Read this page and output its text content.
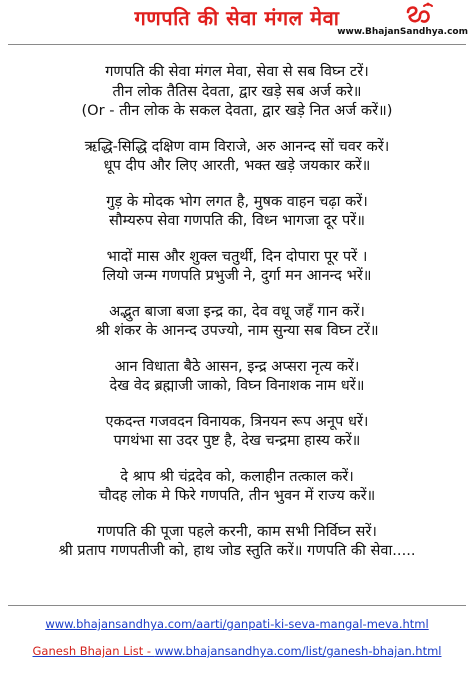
गणपति की सेवा मंगल मेवा
www.BhajanSandhya.com
गणपति की सेवा मंगल मेवा, सेवा से सब विघ्न टरें।
तीन लोक तैतिस देवता, द्वार खड़े सब अर्ज करे॥
(Or - तीन लोक के सकल देवता, द्वार खड़े नित अर्ज करें॥)
ऋद्धि-सिद्धि दक्षिण वाम विराजे, अरु आनन्द सों चवर करें।
धूप दीप और लिए आरती, भक्त खड़े जयकार करें॥
गुड़ के मोदक भोग लगत है, मुषक वाहन चढ़ा करें।
सौम्यरुप सेवा गणपति की, विध्न भागजा दूर परें॥
भादों मास और शुक्ल चतुर्थी, दिन दोपारा पूर परें ।
लियो जन्म गणपति प्रभुजी ने, दुर्गा मन आनन्द भरें॥
अद्भुत बाजा बजा इन्द्र का, देव वधू जहँ गान करें।
श्री शंकर के आनन्द उपज्यो, नाम सुन्या सब विघ्न टरें॥
आन विधाता बैठे आसन, इन्द्र अप्सरा नृत्य करें।
देख वेद ब्रह्माजी जाको, विघ्न विनाशक नाम धरें॥
एकदन्त गजवदन विनायक, त्रिनयन रूप अनूप धरें।
पगथंभा सा उदर पुष्ट है, देख चन्द्रमा हास्य करें॥
दे श्राप श्री चंद्रदेव को, कलाहीन तत्काल करें।
चौदह लोक मे फिरे गणपति, तीन भुवन में राज्य करें॥
गणपति की पूजा पहले करनी, काम सभी निर्विघ्न सरें।
श्री प्रताप गणपतीजी को, हाथ जोड स्तुति करें॥ गणपति की सेवा.....
www.bhajansandhya.com/aarti/ganpati-ki-seva-mangal-meva.html
Ganesh Bhajan List - www.bhajansandhya.com/list/ganesh-bhajan.html
